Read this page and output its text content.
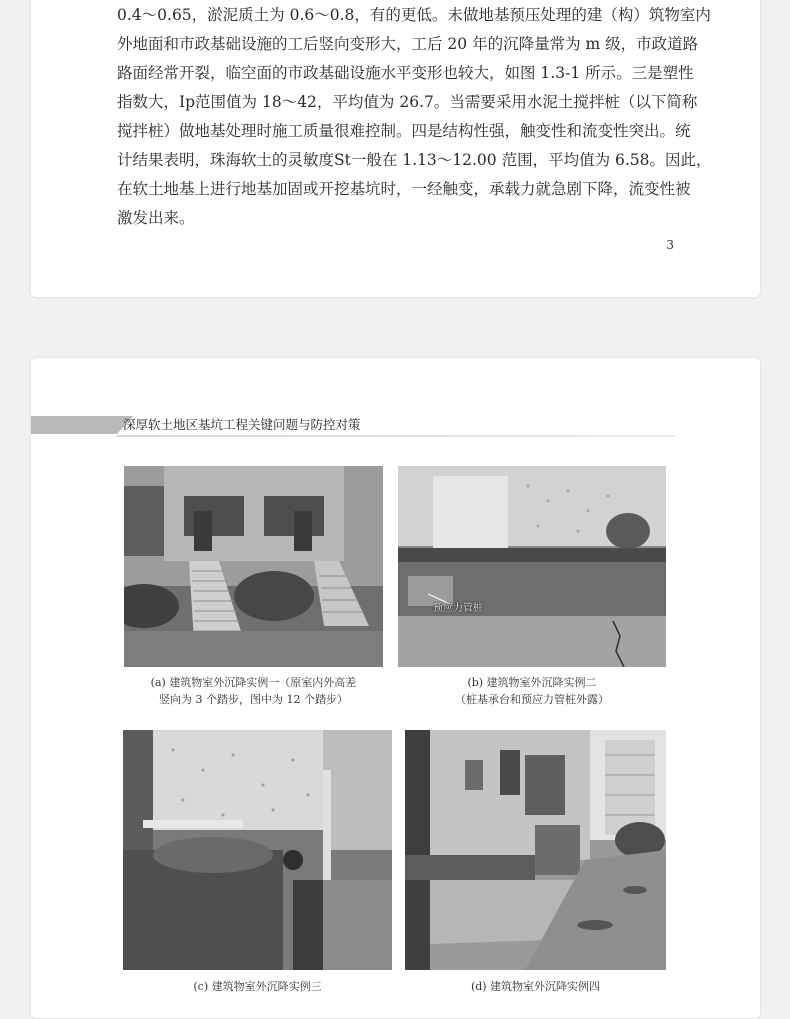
0.4～0.65，淤泥质土为 0.6～0.8，有的更低。未做地基预压处理的建（构）筑物室内
外地面和市政基础设施的工后竖向变形大，工后 20 年的沉降量常为 m 级，市政道路
路面经常开裂，临空面的市政基础设施水平变形也较大，如图 1.3-1 所示。三是塑性
指数大，Ip范围值为 18～42，平均值为 26.7。当需要采用水泥土搅拌桩（以下简称
搅拌桩）做地基处理时施工质量很难控制。四是结构性强，触变性和流变性突出。统
计结果表明，珠海软土的灵敏度St一般在 1.13～12.00 范围，平均值为 6.58。因此，
在软土地基上进行地基加固或开挖基坑时，一经触变，承载力就急剧下降，流变性被
激发出来。
3
深厚软土地区基坑工程关键问题与防控对策
(a) 建筑物室外沉降实例一（原室内外高差
竖向为 3 个踏步，图中为 12 个踏步）
预应力管桩
(b) 建筑物室外沉降实例二
（桩基承台和预应力管桩外露）
(c) 建筑物室外沉降实例三	(d) 建筑物室外沉降实例四
